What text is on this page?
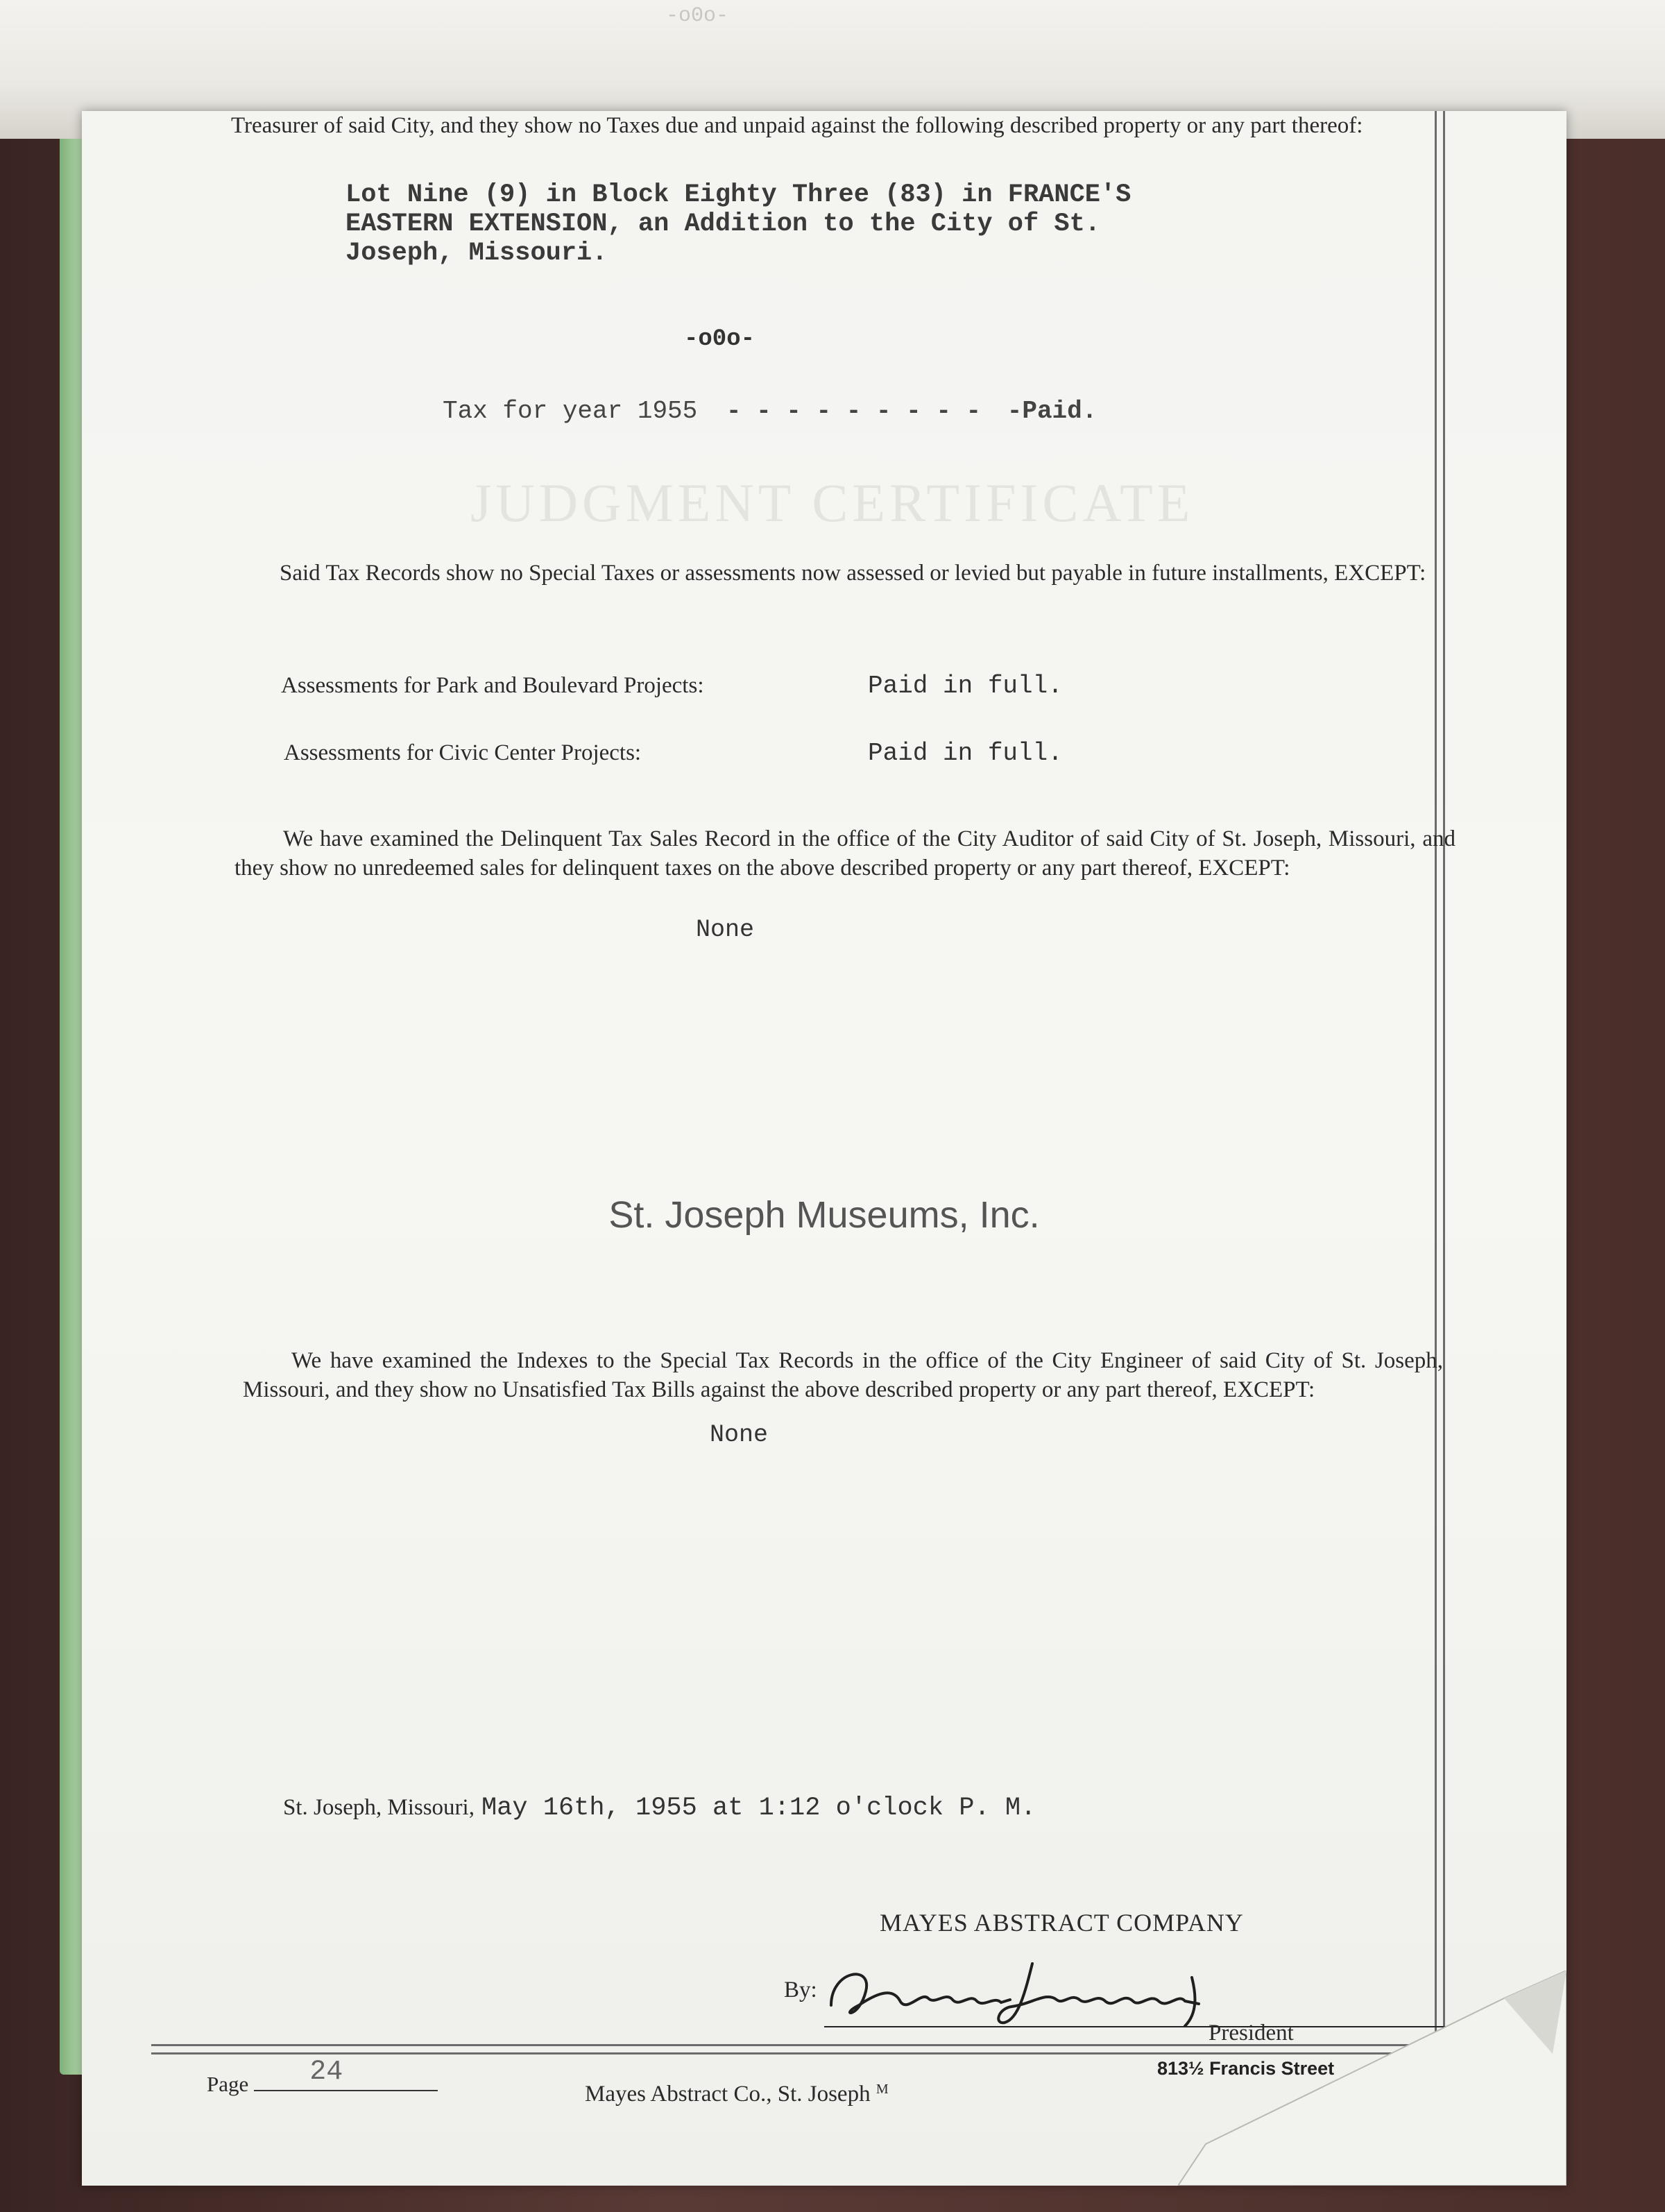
-o0o-
JUDGMENT CERTIFICATE
Treasurer of said City, and they show no Taxes due and unpaid against the following described property or any part thereof:
Lot Nine (9) in Block Eighty Three (83) in FRANCE'S
EASTERN EXTENSION, an Addition to the City of St.
Joseph, Missouri.
-o0o-
Tax for year 1955 - - - - - - - - - -Paid.
Said Tax Records show no Special Taxes or assessments now assessed or levied but payable in future installments, EXCEPT:
Assessments for Park and Boulevard Projects:	Paid in full.
Assessments for Civic Center Projects:	Paid in full.
We have examined the Delinquent Tax Sales Record in the office of the City Auditor of said City of St. Joseph, Missouri, and they show no unredeemed sales for delinquent taxes on the above described property or any part thereof, EXCEPT:
None
St. Joseph Museums, Inc.
We have examined the Indexes to the Special Tax Records in the office of the City Engineer of said City of St. Joseph, Missouri, and they show no Unsatisfied Tax Bills against the above described property or any part thereof, EXCEPT:
None
St. Joseph, Missouri, May 16th, 1955 at 1:12 o'clock P. M.
MAYES ABSTRACT COMPANY
By:
President
Page 24
Mayes Abstract Co., St. Joseph $^M$
813½ Francis Street
